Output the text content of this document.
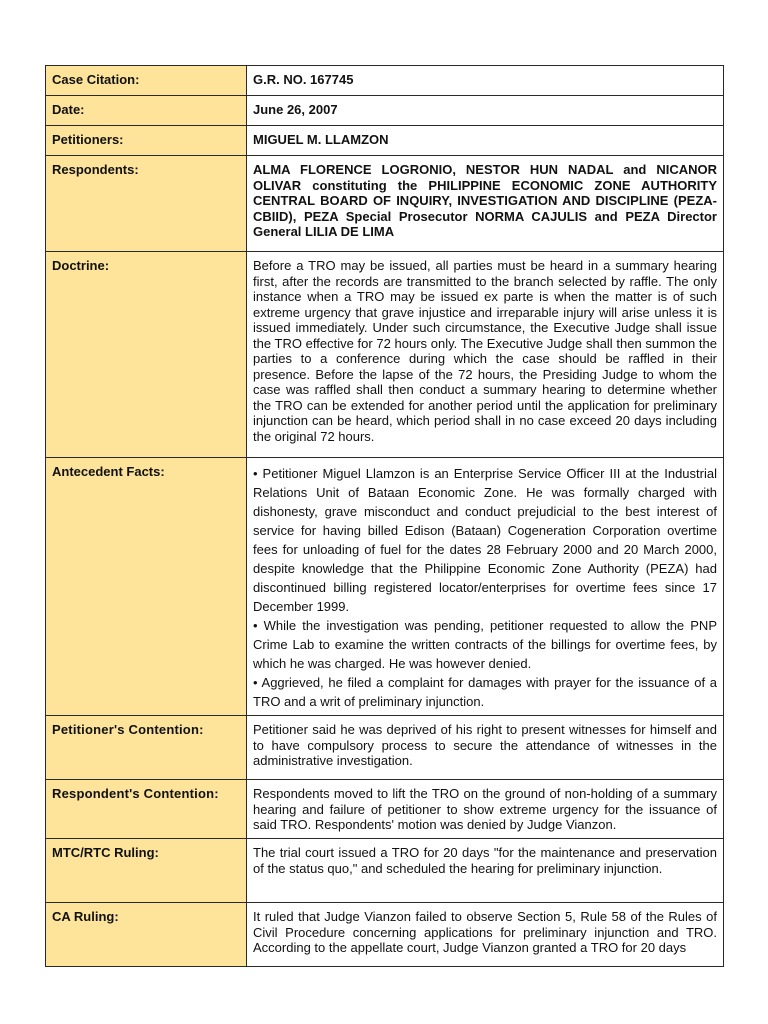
Case Citation:	G.R. NO. 167745
Date:	June 26, 2007
Petitioners:	MIGUEL M. LLAMZON
Respondents:	ALMA FLORENCE LOGRONIO, NESTOR HUN NADAL and NICANOR OLIVAR constituting the PHILIPPINE ECONOMIC ZONE AUTHORITY CENTRAL BOARD OF INQUIRY, INVESTIGATION AND DISCIPLINE (PEZA-CBIID), PEZA Special Prosecutor NORMA CAJULIS and PEZA Director General LILIA DE LIMA
Doctrine:	Before a TRO may be issued, all parties must be heard in a summary hearing first, after the records are transmitted to the branch selected by raffle. The only instance when a TRO may be issued ex parte is when the matter is of such extreme urgency that grave injustice and irreparable injury will arise unless it is issued immediately. Under such circumstance, the Executive Judge shall issue the TRO effective for 72 hours only. The Executive Judge shall then summon the parties to a conference during which the case should be raffled in their presence. Before the lapse of the 72 hours, the Presiding Judge to whom the case was raffled shall then conduct a summary hearing to determine whether the TRO can be extended for another period until the application for preliminary injunction can be heard, which period shall in no case exceed 20 days including the original 72 hours.
Antecedent Facts:	• Petitioner Miguel Llamzon is an Enterprise Service Officer III at the Industrial Relations Unit of Bataan Economic Zone. He was formally charged with dishonesty, grave misconduct and conduct prejudicial to the best interest of service for having billed Edison (Bataan) Cogeneration Corporation overtime fees for unloading of fuel for the dates 28 February 2000 and 20 March 2000, despite knowledge that the Philippine Economic Zone Authority (PEZA) had discontinued billing registered locator/enterprises for overtime fees since 17 December 1999.
• While the investigation was pending, petitioner requested to allow the PNP Crime Lab to examine the written contracts of the billings for overtime fees, by which he was charged. He was however denied.
• Aggrieved, he filed a complaint for damages with prayer for the issuance of a TRO and a writ of preliminary injunction.

Petitioner's Contention:	Petitioner said he was deprived of his right to present witnesses for himself and to have compulsory process to secure the attendance of witnesses in the administrative investigation.
Respondent's Contention:	Respondents moved to lift the TRO on the ground of non-holding of a summary hearing and failure of petitioner to show extreme urgency for the issuance of said TRO. Respondents' motion was denied by Judge Vianzon.
MTC/RTC Ruling:	The trial court issued a TRO for 20 days "for the maintenance and preservation of the status quo," and scheduled the hearing for preliminary injunction.
CA Ruling:	It ruled that Judge Vianzon failed to observe Section 5, Rule 58 of the Rules of Civil Procedure concerning applications for preliminary injunction and TRO. According to the appellate court, Judge Vianzon granted a TRO for 20 days
